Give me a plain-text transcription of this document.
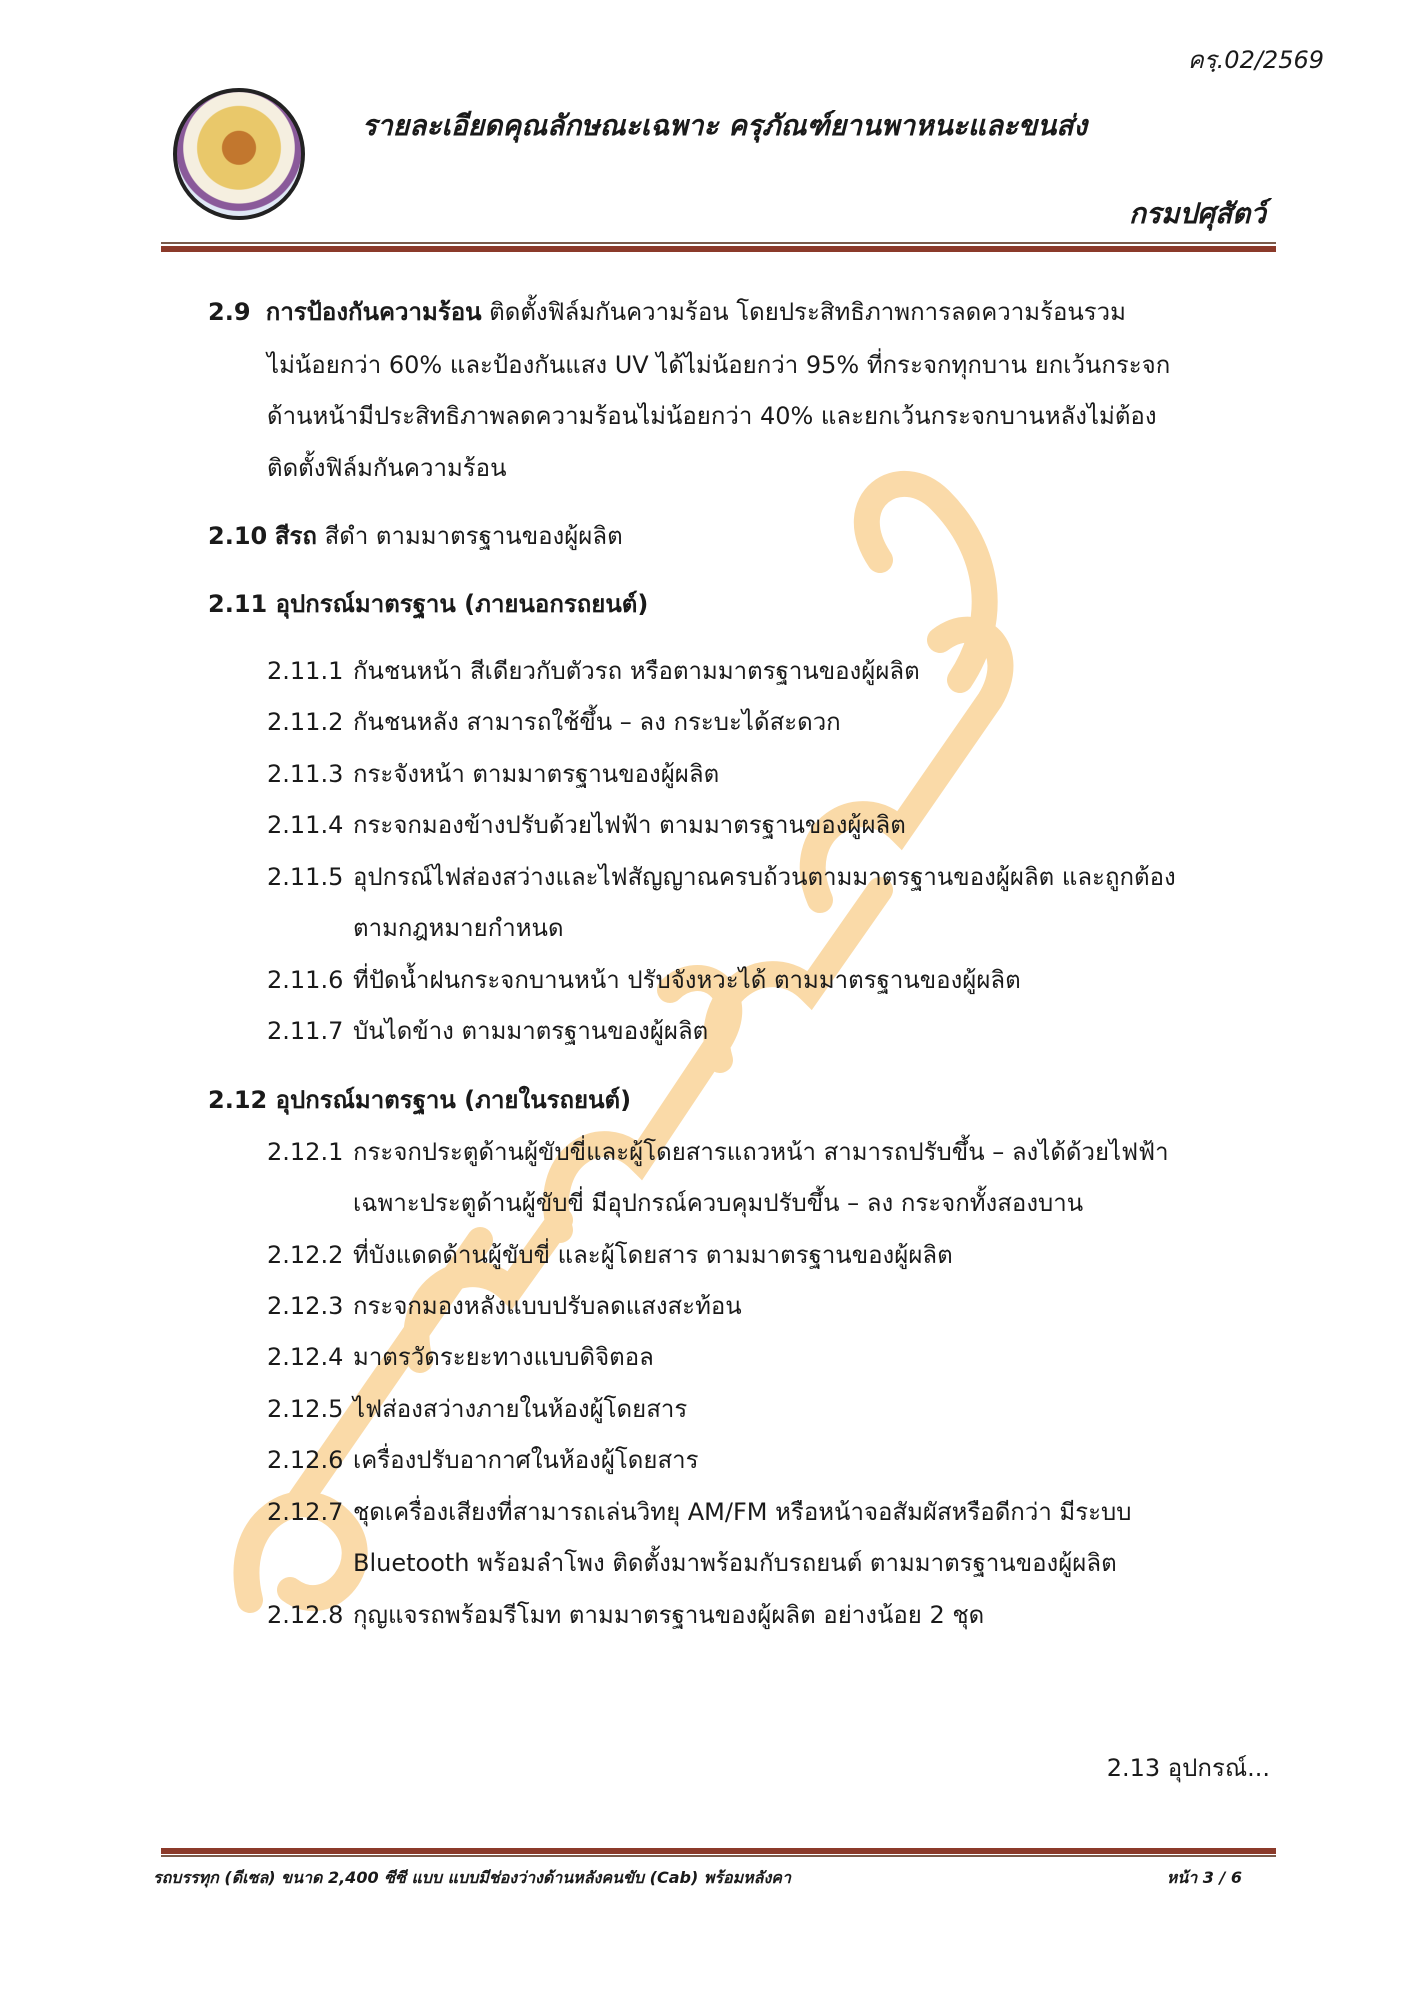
ครฺ.02/2569
รายละเอียดคุณลักษณะเฉพาะ ครุภัณฑ์ยานพาหนะและขนส่ง
กรมปศุสัตว์
2.9 การป้องกันความร้อน ติดตั้งฟิล์มกันความร้อน โดยประสิทธิภาพการลดความร้อนรวม
ไม่น้อยกว่า 60% และป้องกันแสง UV ได้ไม่น้อยกว่า 95% ที่กระจกทุกบาน ยกเว้นกระจก
ด้านหน้ามีประสิทธิภาพลดความร้อนไม่น้อยกว่า 40% และยกเว้นกระจกบานหลังไม่ต้อง
ติดตั้งฟิล์มกันความร้อน
2.10 สีรถ สีดำ ตามมาตรฐานของผู้ผลิต
2.11 อุปกรณ์มาตรฐาน (ภายนอกรถยนต์)
2.11.1 กันชนหน้า สีเดียวกับตัวรถ หรือตามมาตรฐานของผู้ผลิต
2.11.2 กันชนหลัง สามารถใช้ขึ้น – ลง กระบะได้สะดวก
2.11.3 กระจังหน้า ตามมาตรฐานของผู้ผลิต
2.11.4 กระจกมองข้างปรับด้วยไฟฟ้า ตามมาตรฐานของผู้ผลิต
2.11.5 อุปกรณ์ไฟส่องสว่างและไฟสัญญาณครบถ้วนตามมาตรฐานของผู้ผลิต และถูกต้อง
ตามกฎหมายกำหนด
2.11.6 ที่ปัดน้ำฝนกระจกบานหน้า ปรับจังหวะได้ ตามมาตรฐานของผู้ผลิต
2.11.7 บันไดข้าง ตามมาตรฐานของผู้ผลิต
2.12 อุปกรณ์มาตรฐาน (ภายในรถยนต์)
2.12.1 กระจกประตูด้านผู้ขับขี่และผู้โดยสารแถวหน้า สามารถปรับขึ้น – ลงได้ด้วยไฟฟ้า
เฉพาะประตูด้านผู้ขับขี่ มีอุปกรณ์ควบคุมปรับขึ้น – ลง กระจกทั้งสองบาน
2.12.2 ที่บังแดดด้านผู้ขับขี่ และผู้โดยสาร ตามมาตรฐานของผู้ผลิต
2.12.3 กระจกมองหลังแบบปรับลดแสงสะท้อน
2.12.4 มาตรวัดระยะทางแบบดิจิตอล
2.12.5 ไฟส่องสว่างภายในห้องผู้โดยสาร
2.12.6 เครื่องปรับอากาศในห้องผู้โดยสาร
2.12.7 ชุดเครื่องเสียงที่สามารถเล่นวิทยุ AM/FM หรือหน้าจอสัมผัสหรือดีกว่า มีระบบ
Bluetooth พร้อมลำโพง ติดตั้งมาพร้อมกับรถยนต์ ตามมาตรฐานของผู้ผลิต
2.12.8 กุญแจรถพร้อมรีโมท ตามมาตรฐานของผู้ผลิต อย่างน้อย 2 ชุด
2.13 อุปกรณ์...
รถบรรทุก (ดีเซล) ขนาด 2,400 ซีซี แบบ แบบมีช่องว่างด้านหลังคนขับ (Cab) พร้อมหลังคา	หน้า 3 / 6
